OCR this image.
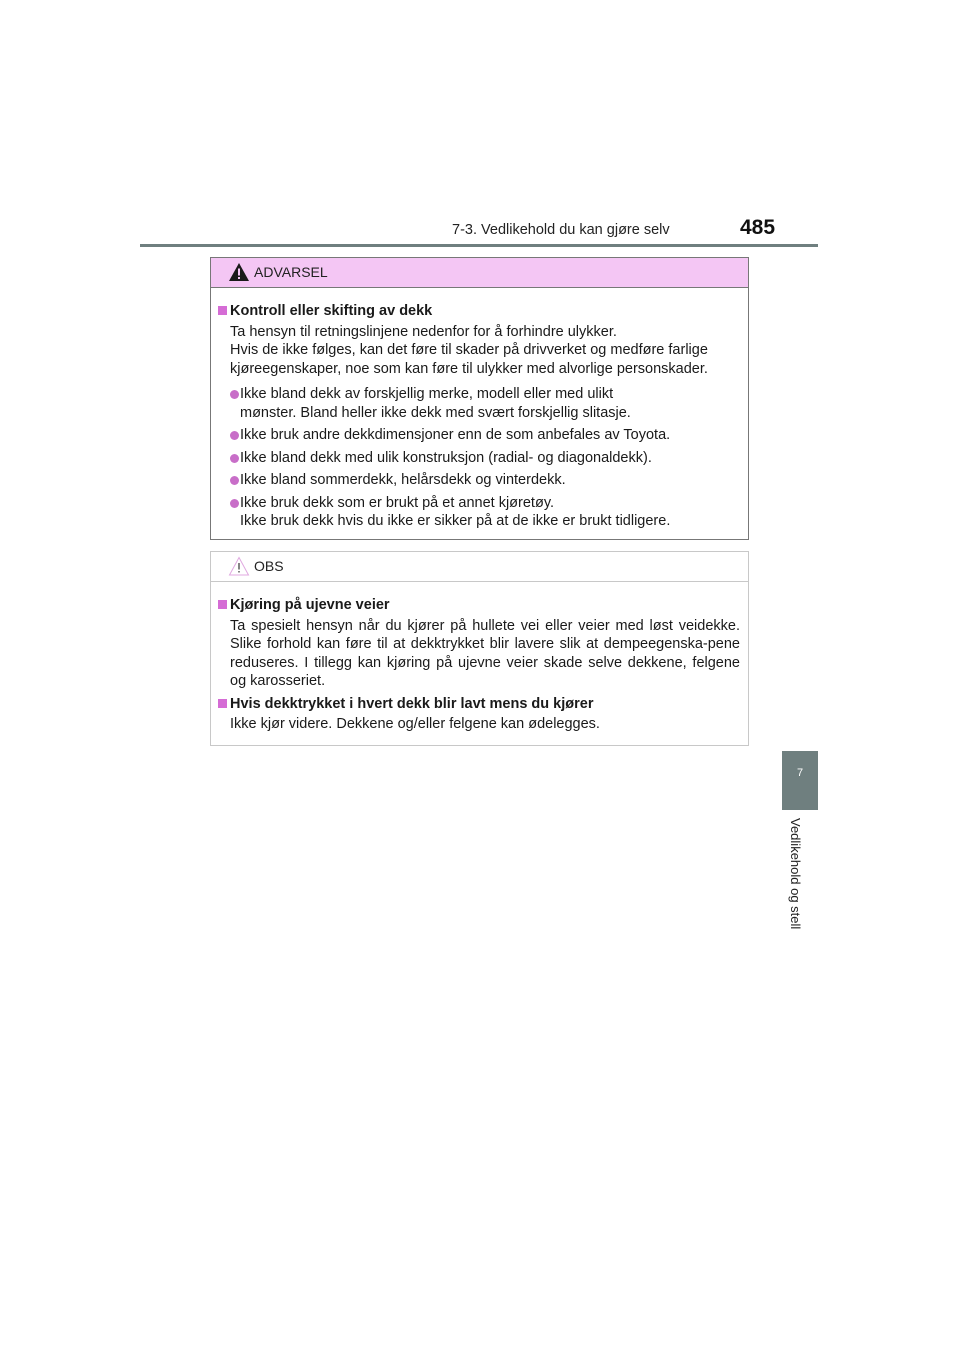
7-3. Vedlikehold du kan gjøre selv	485
7
Vedlikehold og stell
ADVARSEL
Kontroll eller skifting av dekk
Ta hensyn til retningslinjene nedenfor for å forhindre ulykker.
Hvis de ikke følges, kan det føre til skader på drivverket og medføre farlige
kjøreegenskaper, noe som kan føre til ulykker med alvorlige personskader.
Ikke bland dekk av forskjellig merke, modell eller med ulikt
mønster. Bland heller ikke dekk med svært forskjellig slitasje.
Ikke bruk andre dekkdimensjoner enn de som anbefales av Toyota.
Ikke bland dekk med ulik konstruksjon (radial- og diagonaldekk).
Ikke bland sommerdekk, helårsdekk og vinterdekk.
Ikke bruk dekk som er brukt på et annet kjøretøy.
Ikke bruk dekk hvis du ikke er sikker på at de ikke er brukt tidligere.
OBS
Kjøring på ujevne veier
Ta spesielt hensyn når du kjører på hullete vei eller veier med løst veidekke. Slike forhold kan føre til at dekktrykket blir lavere slik at dempeegenska-pene reduseres. I tillegg kan kjøring på ujevne veier skade selve dekkene, felgene og karosseriet.
Hvis dekktrykket i hvert dekk blir lavt mens du kjører
Ikke kjør videre. Dekkene og/eller felgene kan ødelegges.
